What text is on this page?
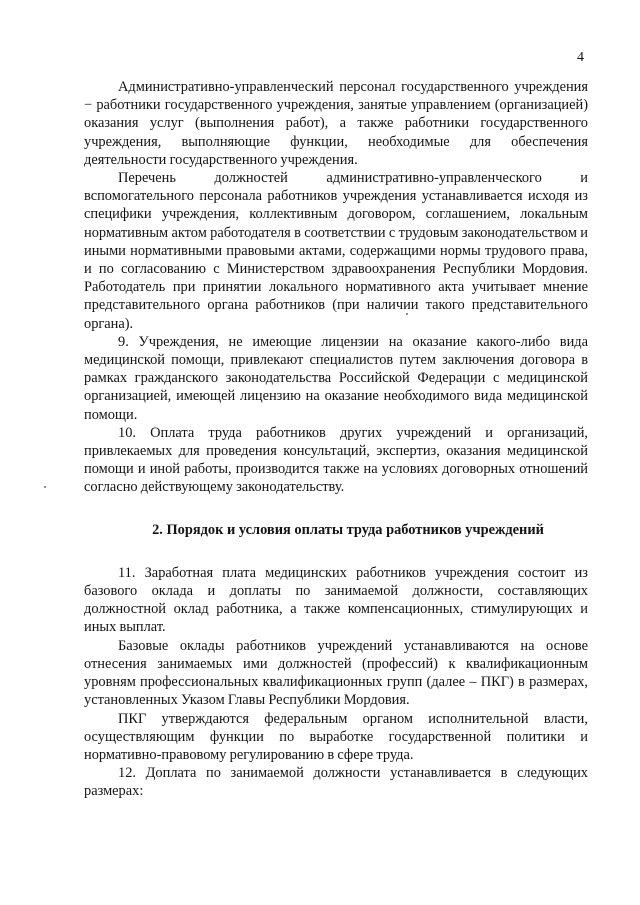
4

Административно-управленческий персонал государственного учреждения − работники государственного учреждения, занятые управлением (организацией) оказания услуг (выполнения работ), а также работники государственного учреждения, выполняющие функции, необходимые для обеспечения деятельности государственного учреждения.

Перечень должностей административно-управленческого и вспомогательного персонала работников учреждения устанавливается исходя из специфики учреждения, коллективным договором, соглашением, локальным нормативным актом работодателя в соответствии с трудовым законодательством и иными нормативными правовыми актами, содержащими нормы трудового права, и по согласованию с Министерством здравоохранения Республики Мордовия. Работодатель при принятии локального нормативного акта учитывает мнение представительного органа работников (при наличии такого представительного органа).

9. Учреждения, не имеющие лицензии на оказание какого-либо вида медицинской помощи, привлекают специалистов путем заключения договора в рамках гражданского законодательства Российской Федерации с медицинской организацией, имеющей лицензию на оказание необходимого вида медицинской помощи.

10. Оплата труда работников других учреждений и организаций, привлекаемых для проведения консультаций, экспертиз, оказания медицинской помощи и иной работы, производится также на условиях договорных отношений согласно действующему законодательству.

2. Порядок и условия оплаты труда работников учреждений

11. Заработная плата медицинских работников учреждения состоит из базового оклада и доплаты по занимаемой должности, составляющих должностной оклад работника, а также компенсационных, стимулирующих и иных выплат.

Базовые оклады работников учреждений устанавливаются на основе отнесения занимаемых ими должностей (профессий) к квалификационным уровням профессиональных квалификационных групп (далее – ПКГ) в размерах, установленных Указом Главы Республики Мордовия.

ПКГ утверждаются федеральным органом исполнительной власти, осуществляющим функции по выработке государственной политики и нормативно-правовому регулированию в сфере труда.

12. Доплата по занимаемой должности устанавливается в следующих размерах:
